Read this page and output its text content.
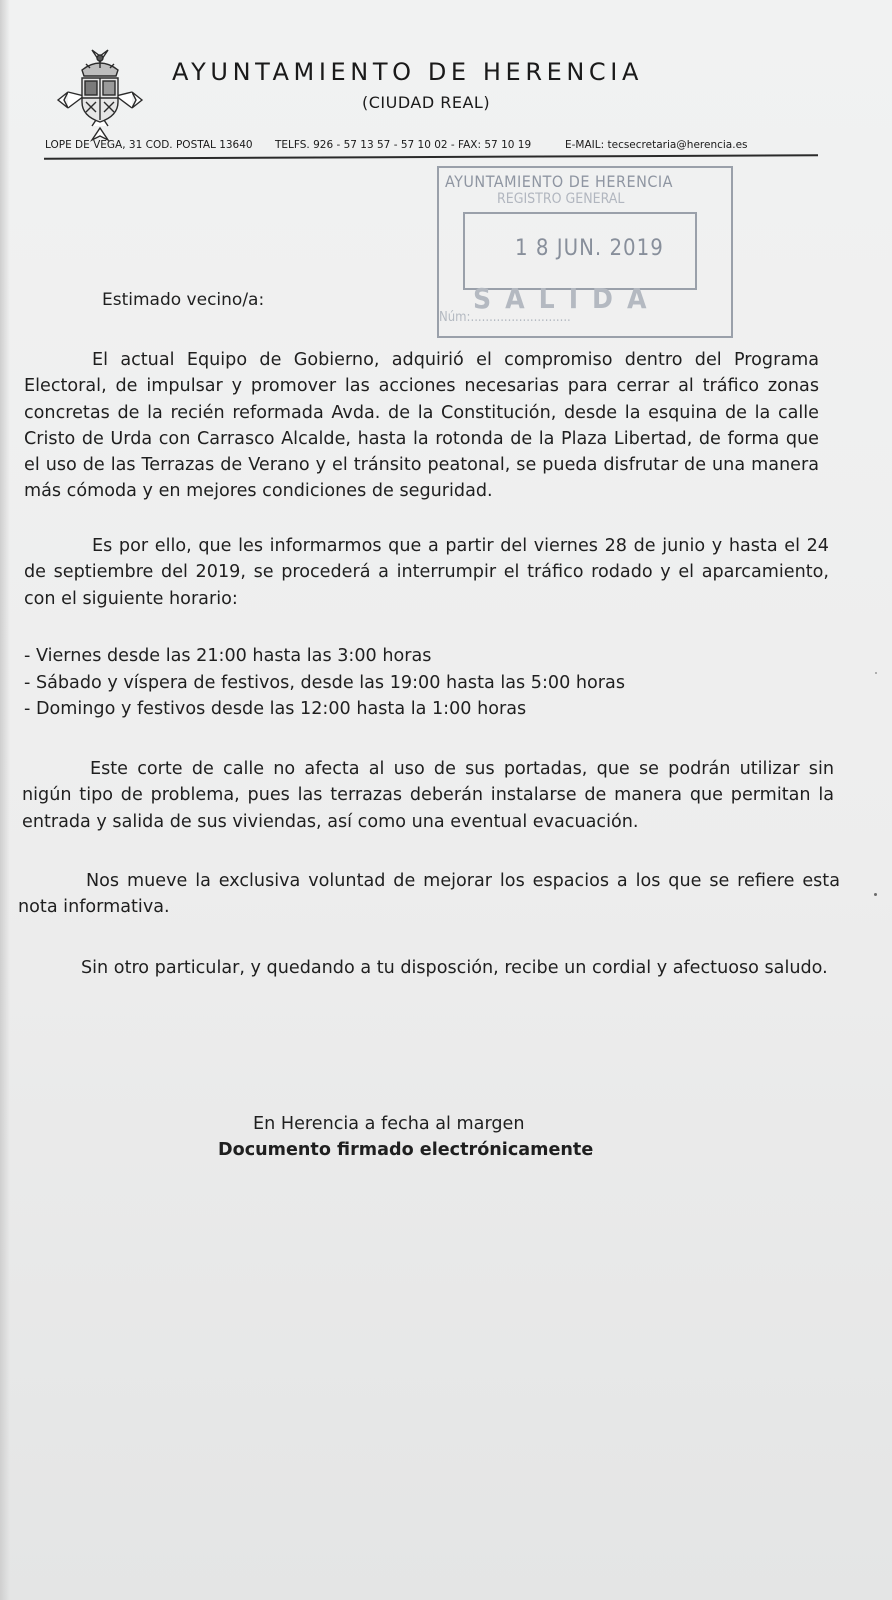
AYUNTAMIENTO DE HERENCIA
(CIUDAD REAL)
LOPE DE VEGA, 31 COD. POSTAL 13640 TELFS. 926 - 57 13 57 - 57 10 02 - FAX: 57 10 19	E-MAIL: tecsecretaria@herencia.es
AYUNTAMIENTO DE HERENCIA
REGISTRO GENERAL
1 8 JUN. 2019
SALIDA
Núm:...........................
Estimado vecino/a:
El actual Equipo de Gobierno, adquirió el compromiso dentro del Programa Electoral, de impulsar y promover las acciones necesarias para cerrar al tráfico zonas concretas de la recién reformada Avda. de la Constitución, desde la esquina de la calle Cristo de Urda con Carrasco Alcalde, hasta la rotonda de la Plaza Libertad, de forma que el uso de las Terrazas de Verano y el tránsito peatonal, se pueda disfrutar de una manera más cómoda y en mejores condiciones de seguridad.
Es por ello, que les informarmos que a partir del viernes 28 de junio y hasta el 24 de septiembre del 2019, se procederá a interrumpir el tráfico rodado y el aparcamiento, con el siguiente horario:
- Viernes desde las 21:00 hasta las 3:00 horas
- Sábado y víspera de festivos, desde las 19:00 hasta las 5:00 horas
- Domingo y festivos desde las 12:00 hasta la 1:00 horas
Este corte de calle no afecta al uso de sus portadas, que se podrán utilizar sin nigún tipo de problema, pues las terrazas deberán instalarse de manera que permitan la entrada y salida de sus viviendas, así como una eventual evacuación.
Nos mueve la exclusiva voluntad de mejorar los espacios a los que se refiere esta nota informativa.
Sin otro particular, y quedando a tu disposción, recibe un cordial y afectuoso saludo.
En Herencia a fecha al margen
Documento firmado electrónicamente
